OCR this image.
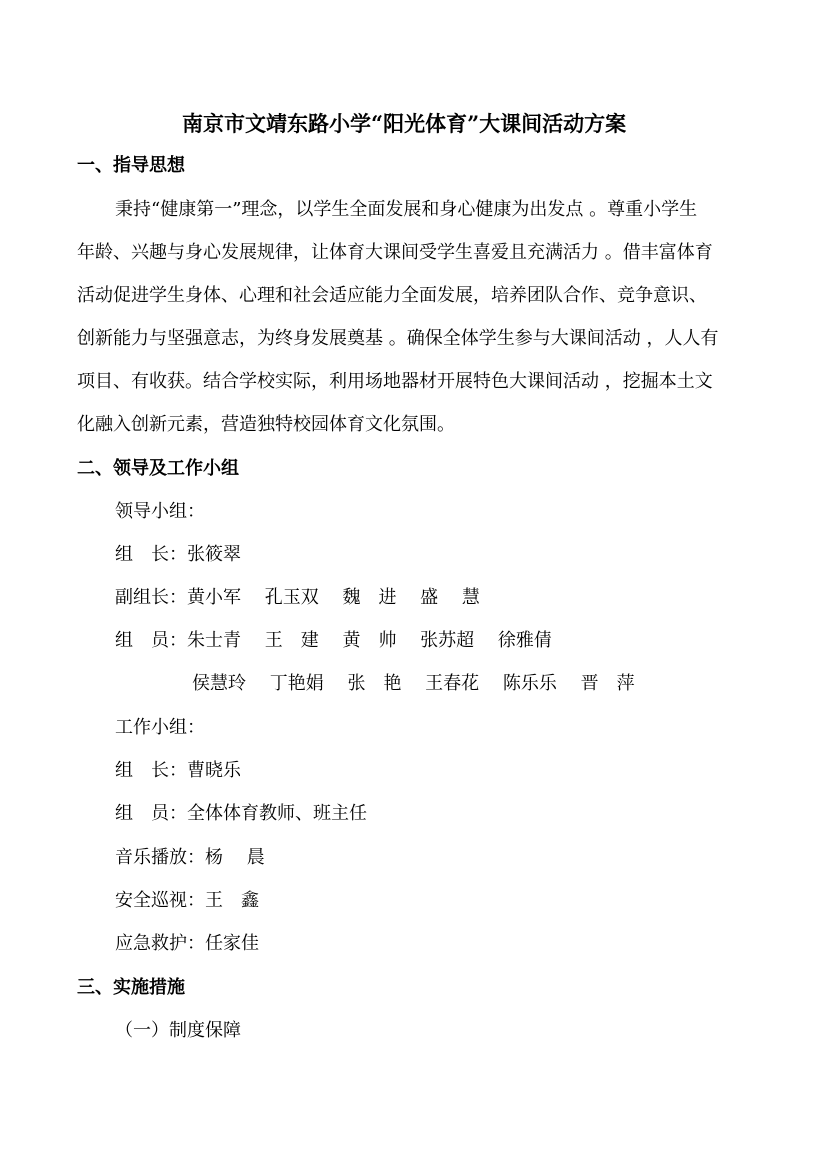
南京市文靖东路小学“阳光体育”大课间活动方案
一、指导思想
秉持“健康第一”理念，以学生全面发展和身心健康为出发点 。尊重小学生
年龄、兴趣与身心发展规律，让体育大课间受学生喜爱且充满活力 。借丰富体育
活动促进学生身体、心理和社会适应能力全面发展，培养团队合作、竞争意识、
创新能力与坚强意志，为终身发展奠基 。确保全体学生参与大课间活动 ，人人有
项目、有收获。结合学校实际，利用场地器材开展特色大课间活动 ，挖掘本土文
化融入创新元素，营造独特校园体育文化氛围。
二、领导及工作小组
领导小组：
组　长：张筱翠
副组长：黄小军　 孔玉双　 魏　进　 盛　 慧
组　员：朱士青　 王　建　 黄　帅　 张苏超　 徐雅倩
侯慧玲　 丁艳娟　 张　艳　 王春花　 陈乐乐　 晋　萍
工作小组：
组　长：曹晓乐
组　员：全体体育教师、班主任
音乐播放：杨　 晨
安全巡视：王　鑫
应急救护：任家佳
三、实施措施
（一）制度保障
